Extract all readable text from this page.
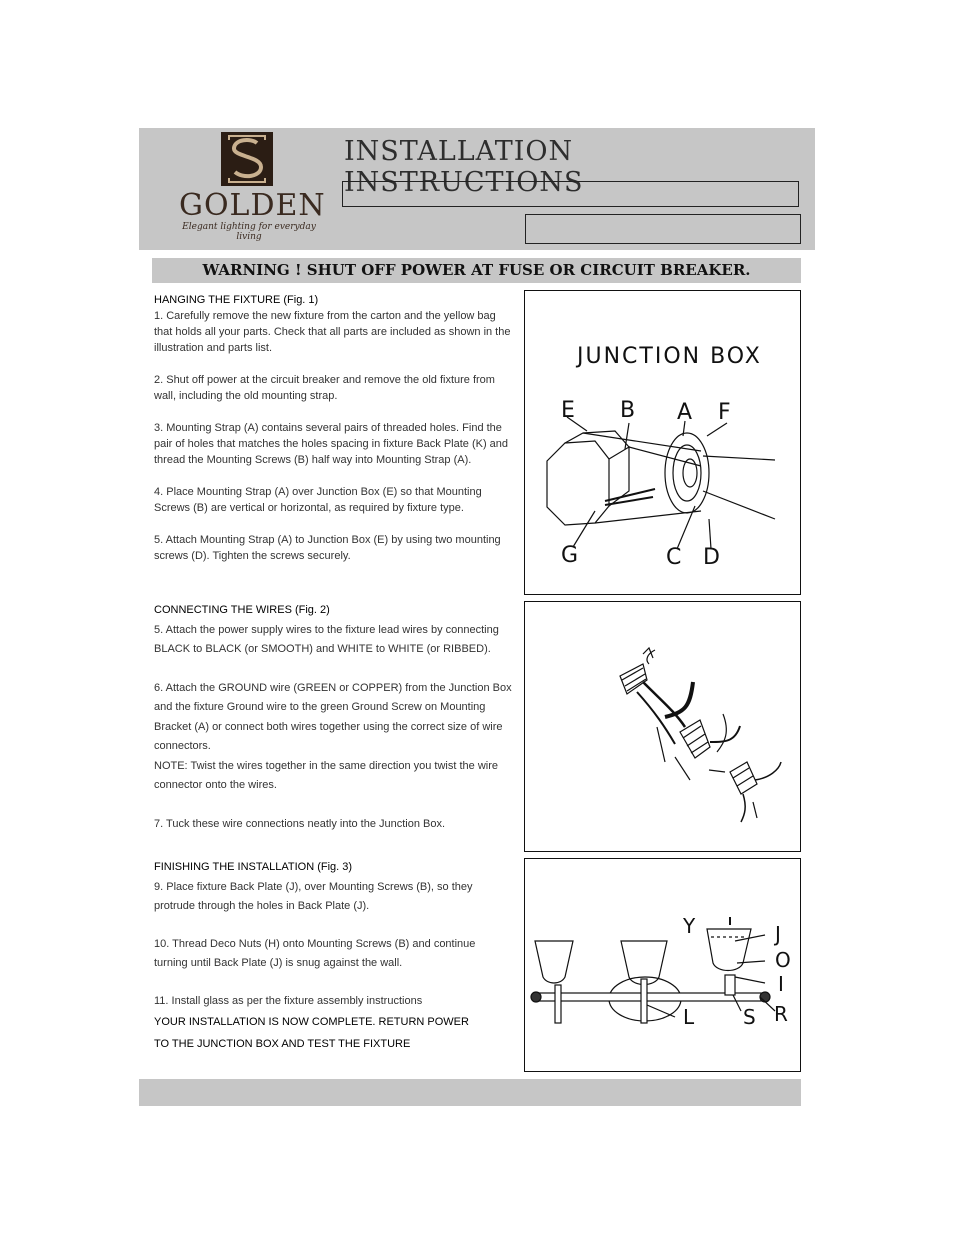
GOLDEN
Elegant lighting for everyday living
INSTALLATION INSTRUCTIONS
WARNING ! SHUT OFF POWER AT FUSE OR CIRCUIT BREAKER.

HANGING THE FIXTURE (Fig. 1)

1. Carefully remove the new fixture from the carton and the yellow bag that holds all your parts. Check that all parts are included as shown in the illustration and parts list.

2. Shut off power at the circuit breaker and remove the old fixture from wall, including the old mounting strap.

3. Mounting Strap (A) contains several pairs of threaded holes. Find the pair of holes that matches the holes spacing in fixture Back Plate (K) and thread the Mounting Screws (B) half way into Mounting Strap (A).

4. Place Mounting Strap (A) over Junction Box (E) so that Mounting Screws (B) are vertical or horizontal, as required by fixture type.

5. Attach Mounting Strap (A) to Junction Box (E) by using two mounting screws (D). Tighten the screws securely.

CONNECTING THE WIRES (Fig. 2)

5. Attach the power supply wires to the fixture lead wires by connecting BLACK to BLACK (or SMOOTH) and WHITE to WHITE (or RIBBED).

6. Attach the GROUND wire (GREEN or COPPER) from the Junction Box and the fixture Ground wire to the green Ground Screw on Mounting Bracket (A) or connect both wires together using the correct size of wire connectors.

NOTE: Twist the wires together in the same direction you twist the wire connector onto the wires.

7. Tuck these wire connections neatly into the Junction Box.

FINISHING THE INSTALLATION (Fig. 3)

9. Place fixture Back Plate (J), over Mounting Screws (B), so they protrude through the holes in Back Plate (J).

10. Thread Deco Nuts (H) onto Mounting Screws (B) and continue turning until Back Plate (J) is snug against the wall.

11. Install glass as per the fixture assembly instructions

YOUR INSTALLATION IS NOW COMPLETE. RETURN POWER

TO THE JUNCTION BOX AND TEST THE FIXTURE

JUNCTION BOX
E B A F
G	C D
Y	J
O
I
L S R
